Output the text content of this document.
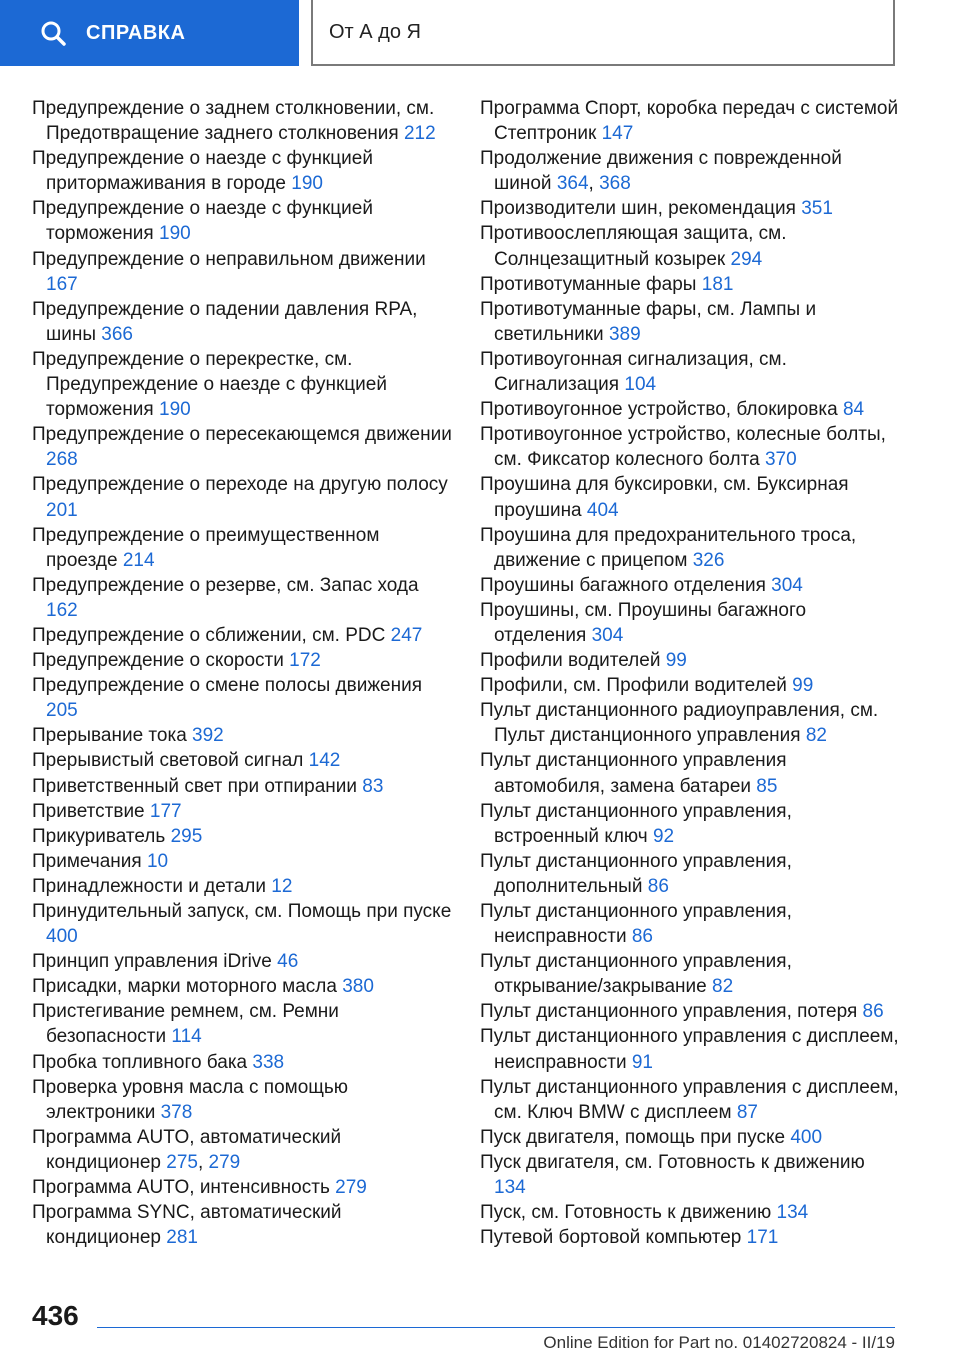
СПРАВКА	От А до Я

Предупреждение о заднем столкновении, см. Предотвращение заднего столкновения 212

Предупреждение о наезде с функцией притормаживания в городе 190

Предупреждение о наезде с функцией торможения 190

Предупреждение о неправильном движении 167

Предупреждение о падении давления RPA, шины 366

Предупреждение о перекрестке, см. Предупреждение о наезде с функцией торможения 190

Предупреждение о пересекающемся движении 268

Предупреждение о переходе на другую полосу 201

Предупреждение о преимущественном проезде 214

Предупреждение о резерве, см. Запас хода 162

Предупреждение о сближении, см. PDC 247

Предупреждение о скорости 172

Предупреждение о смене полосы движения 205

Прерывание тока 392

Прерывистый световой сигнал 142

Приветственный свет при отпирании 83

Приветствие 177

Прикуриватель 295

Примечания 10

Принадлежности и детали 12

Принудительный запуск, см. Помощь при пуске 400

Принцип управления iDrive 46

Присадки, марки моторного масла 380

Пристегивание ремнем, см. Ремни безопасности 114

Пробка топливного бака 338

Проверка уровня масла с помощью электроники 378

Программа AUTO, автоматический кондиционер 275, 279

Программа AUTO, интенсивность 279

Программа SYNC, автоматический кондиционер 281

Программа Спорт, коробка передач с системой Стептроник 147

Продолжение движения с поврежденной шиной 364, 368

Производители шин, рекомендация 351

Противоослепляющая защита, см. Солнцезащитный козырек 294

Противотуманные фары 181

Противотуманные фары, см. Лампы и светильники 389

Противоугонная сигнализация, см. Сигнализация 104

Противоугонное устройство, блокировка 84

Противоугонное устройство, колесные болты, см. Фиксатор колесного болта 370

Проушина для буксировки, см. Буксирная проушина 404

Проушина для предохранительного троса, движение с прицепом 326

Проушины багажного отделения 304

Проушины, см. Проушины багажного отделения 304

Профили водителей 99

Профили, см. Профили водителей 99

Пульт дистанционного радиоуправления, см. Пульт дистанционного управления 82

Пульт дистанционного управления автомобиля, замена батареи 85

Пульт дистанционного управления, встроенный ключ 92

Пульт дистанционного управления, дополнительный 86

Пульт дистанционного управления, неисправности 86

Пульт дистанционного управления, открывание/закрывание 82

Пульт дистанционного управления, потеря 86

Пульт дистанционного управления с дисплеем, неисправности 91

Пульт дистанционного управления с дисплеем, см. Ключ BMW с дисплеем 87

Пуск двигателя, помощь при пуске 400

Пуск двигателя, см. Готовность к движению 134

Пуск, см. Готовность к движению 134

Путевой бортовой компьютер 171

436
Online Edition for Part no. 01402720824 - II/19
